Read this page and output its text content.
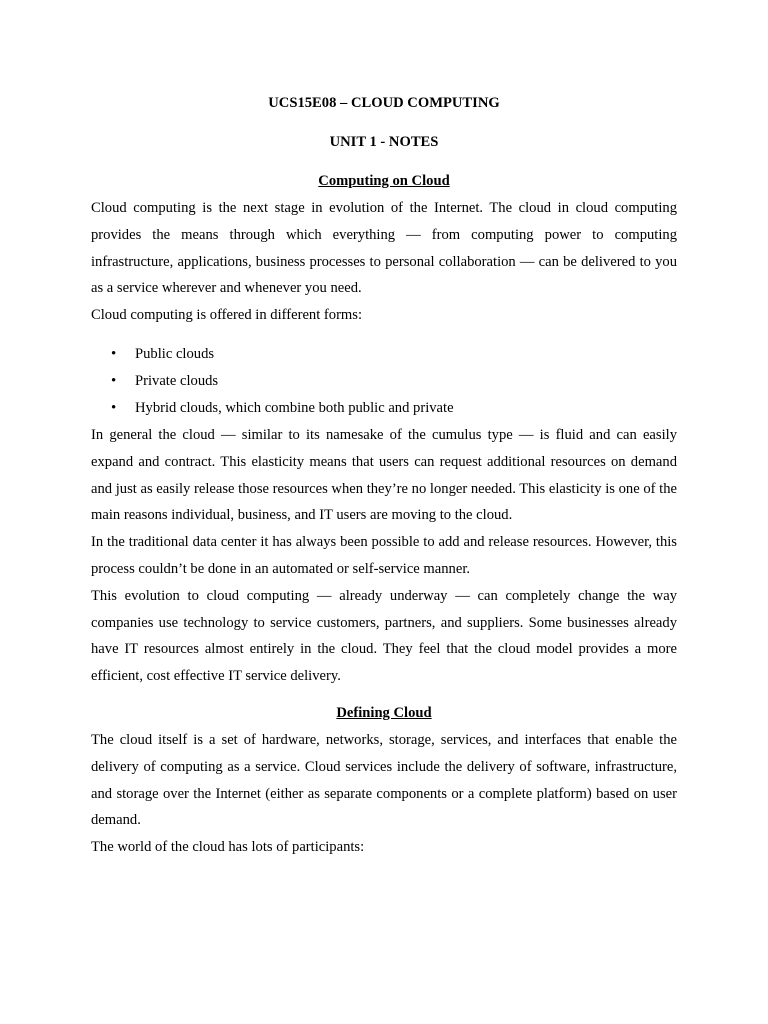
UCS15E08 – CLOUD COMPUTING
UNIT 1 - NOTES
Computing on Cloud

Cloud computing is the next stage in evolution of the Internet. The cloud in cloud computing provides the means through which everything — from computing power to computing infrastructure, applications, business processes to personal collaboration — can be delivered to you as a service wherever and whenever you need.

Cloud computing is offered in different forms:

• Public clouds
• Private clouds
• Hybrid clouds, which combine both public and private

In general the cloud — similar to its namesake of the cumulus type — is fluid and can easily expand and contract. This elasticity means that users can request additional resources on demand and just as easily release those resources when they’re no longer needed. This elasticity is one of the main reasons individual, business, and IT users are moving to the cloud.

In the traditional data center it has always been possible to add and release resources. However, this process couldn’t be done in an automated or self-service manner.

This evolution to cloud computing — already underway — can completely change the way companies use technology to service customers, partners, and suppliers. Some businesses already have IT resources almost entirely in the cloud. They feel that the cloud model provides a more efficient, cost effective IT service delivery.

Defining Cloud

The cloud itself is a set of hardware, networks, storage, services, and interfaces that enable the delivery of computing as a service. Cloud services include the delivery of software, infrastructure, and storage over the Internet (either as separate components or a complete platform) based on user demand.

The world of the cloud has lots of participants:
